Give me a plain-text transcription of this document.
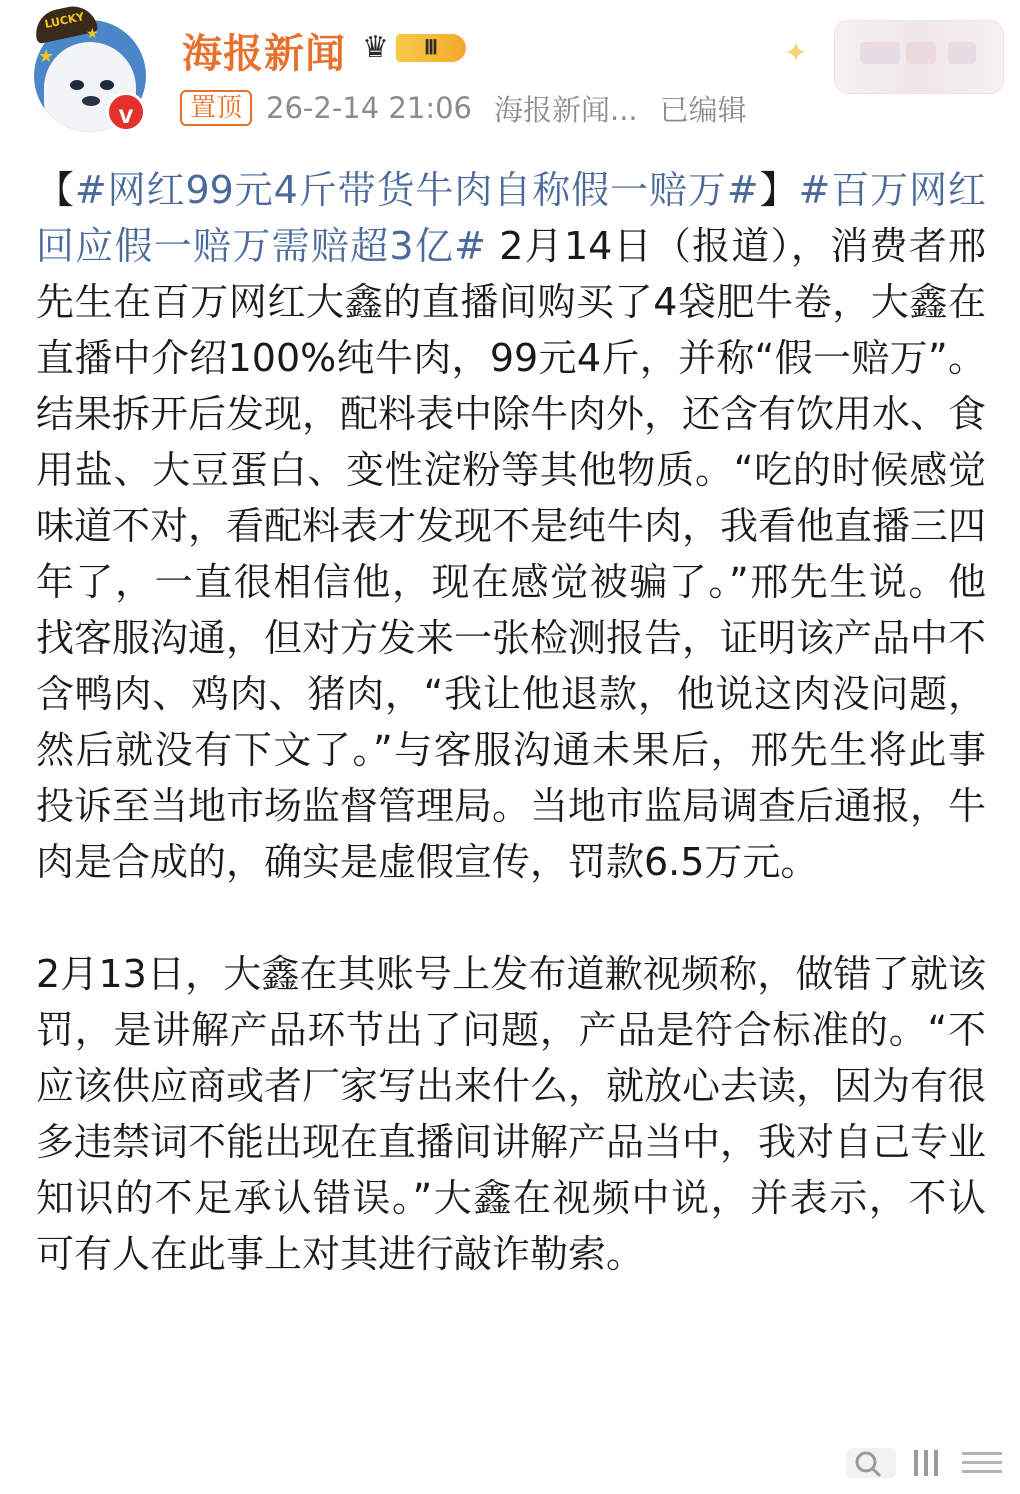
LUCKY
★
★
v
海报新闻 ♛	Ⅲ
置顶 26-2-14 21:06 海报新闻... 已编辑
✦

【#网红99元4斤带货牛肉自称假一赔万#】#百万网红回应假一赔万需赔超3亿# 2月14日（报道），消费者邢先生在百万网红大鑫的直播间购买了4袋肥牛卷，大鑫在直播中介绍100%纯牛肉，99元4斤，并称“假一赔万”。结果拆开后发现，配料表中除牛肉外，还含有饮用水、食用盐、大豆蛋白、变性淀粉等其他物质。“吃的时候感觉味道不对，看配料表才发现不是纯牛肉，我看他直播三四年了，一直很相信他，现在感觉被骗了。”邢先生说。他找客服沟通，但对方发来一张检测报告，证明该产品中不含鸭肉、鸡肉、猪肉，“我让他退款，他说这肉没问题，然后就没有下文了。”与客服沟通未果后，邢先生将此事投诉至当地市场监督管理局。当地市监局调查后通报，牛肉是合成的，确实是虚假宣传，罚款6.5万元。

2月13日，大鑫在其账号上发布道歉视频称，做错了就该罚，是讲解产品环节出了问题，产品是符合标准的。“不应该供应商或者厂家写出来什么，就放心去读，因为有很多违禁词不能出现在直播间讲解产品当中，我对自己专业知识的不足承认错误。”大鑫在视频中说，并表示，不认可有人在此事上对其进行敲诈勒索。
